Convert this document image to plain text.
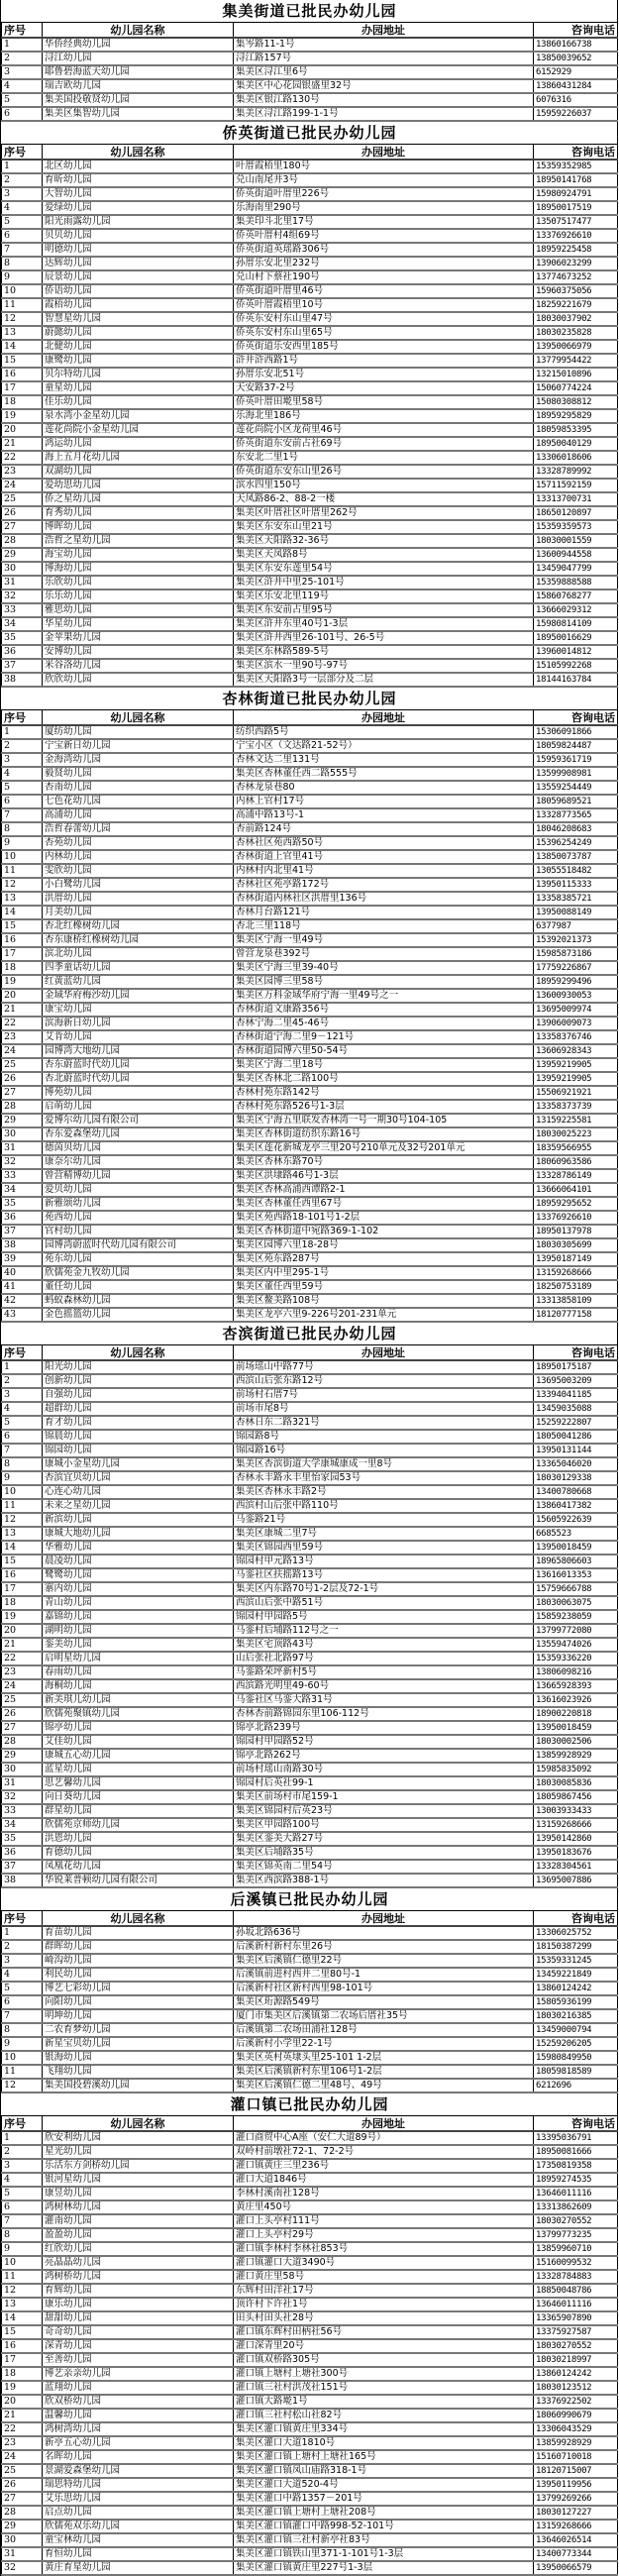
集美街道已批民办幼儿园			
序号	幼儿园名称	办园地址	咨询电话
1	华侨经典幼儿园	集岑路11-1号	13860166738
2	浔江幼儿园	浔江路157号	13850039652
3	耶鲁碧海蓝天幼儿园	集美区浔江里6号	6152929
4	瑞吉欧幼儿园	集美区中心花园银盛里32号	13860431284
5	集美国投敬贤幼儿园	集美区银江路130号	6076316
6	集美区集智幼儿园	集美区浔江路199-1-1号	15959226037
侨英街道已批民办幼儿园			
序号	幼儿园名称	办园地址	咨询电话
1	北区幼儿园	叶厝霞梧里180号	15359352985
2	育昕幼儿园	兑山南尾井3号	18950141768
3	大智幼儿园	侨英街道叶厝里226号	15980924791
4	爱绿幼儿园	乐海南里290号	18950017519
5	阳光雨露幼儿园	集美印斗北里17号	13507517477
6	贝贝幼儿园	侨英叶厝村4组69号	13376926610
7	明德幼儿园	侨英街道英瑶路306号	18959225458
8	达辉幼儿园	孙厝乐安北里232号	13906023299
9	辰景幼儿园	兑山村下蔡社190号	13774673252
10	侨语幼儿园	侨英街道叶厝里46号	15960375056
11	霞梧幼儿园	侨英叶厝霞梧里10号	18259221679
12	智慧星幼儿园	侨英东安村东山里47号	18030037902
13	蔚懿幼儿园	侨英东安村东山里65号	18030235828
14	北健幼儿园	侨英街道乐安西里185号	13950066979
15	康鹭幼儿园	浒井浒西路1号	13779954422
16	贝尔特幼儿园	孙厝乐安北51号	13215010896
17	童星幼儿园	天安路37-2号	15060774224
18	佳乐幼儿园	侨英叶厝田墘里58号	15080308812
19	泉水湾小金星幼儿园	乐海北里186号	18959295829
20	莲花尚院小金星幼儿园	莲花尚院小区龙荷里46号	18059853395
21	鸿运幼儿园	侨英街道东安前占社69号	18950040129
22	海上五月花幼儿园	东安北二里1号	13306018606
23	双湖幼儿园	侨英街道东安东山里26号	13328789992
24	爱幼思幼儿园	滨水四里150号	15711592159
25	侨之星幼儿园	天凤路86-2、88-2一楼	13313700731
26	育秀幼儿园	集美区叶厝社区叶厝里262号	18650120897
27	博晖幼儿园	集美区东安东山里21号	15359359573
28	浩哲之星幼儿园	集美区天阳路32-36号	18030001559
29	海宝幼儿园	集美区天凤路8号	13600944558
30	博海幼儿园	集美区东安东莲里54号	13459047799
31	乐欣幼儿园	集美区浒井中里25-101号	15359888588
32	乐乐幼儿园	集美区乐安北里119号	15860768277
33	雅思幼儿园	集美区东安前占里95号	13666029312
34	华星幼儿园	集美区浒井东里40号1-3层	15980814109
35	金苹果幼儿园	集美区浒井西里26-101号、26-5号	18950016629
36	安博幼儿园	集美区东林路589-5号	13960014812
37	米谷洛幼儿园	集美区滨水一里90号-97号	15105992268
38	欣欣幼儿园	集美区天阳路3号一层部分及二层	18144163784
杏林街道已批民办幼儿园			
序号	幼儿园名称	办园地址	咨询电话
1	厦纺幼儿园	纺织西路5号	15306091866
2	宁宝新日幼儿园	宁宝小区（文达路21-52号）	18059824487
3	金海湾幼儿园	杏林文达二里131号	15959361719
4	毅贤幼儿园	集美区杏林董任西二路555号	13599908981
5	杏南幼儿园	杏林龙泉巷80	13559254449
6	七色花幼儿园	内林上官村17号	18059689521
7	高浦幼儿园	高浦中路13号-1	13328773565
8	浩哲春蕾幼儿园	杏前路124号	18046208683
9	杏苑幼儿园	杏林社区苑西路50号	15396254249
10	内林幼儿园	杏林街道上官里41号	13850073787
11	雯欣幼儿园	内林村内北里41号	13055518482
12	小白鹭幼儿园	杏林社区苑亭路172号	13950115333
13	洪厝幼儿园	杏林街道内林社区洪厝里136号	13358385721
14	月美幼儿园	杏林月台路121号	13950088149
15	杏北红橡树幼儿园	杏北三里118号	6377987
16	杏东康桥红橡树幼儿园	集美区宁海一里49号	15392021373
17	滨北幼儿园	曾营龙泉巷392号	15985873186
18	四季童话幼儿园	集美区宁海三里39-40号	17759226867
19	红黄蓝幼儿园	集美区园博三里58号	18959299496
20	金域华府梅沙幼儿园	集美区万科金域华府宁海一里49号之一	13600930053
21	康宝幼儿园	杏林街道文康路356号	13695009974
22	滨海新日幼儿园	杏林宁海二里45-46号	13906009073
23	艾肯幼儿园	杏林街道宁海二里9－121号	13358376746
24	园博湾大地幼儿园	杏林街道园博六里50-54号	13606928343
25	杏东蔚蓝时代幼儿园	集美区宁海二里18号	13959219905
26	杏北蔚蓝时代幼儿园	集美区杏林北二路100号	13959219905
27	博苑幼儿园	杏林村苑东路142号	15506921921
28	启萌幼儿园	杏林村苑东路526号1-3层	13358373739
29	爱博尔幼儿园有限公司	集美区宁海五里联发杏林湾一号一期30号104-105	13159225581
30	杏东爱森堡幼儿园	集美区杏林街道纺织东路16号	18030025223
31	德茵贝幼儿园	集美区莲花新城龙亭三里20号210单元及32号201单元	18359566955
32	康奈尔幼儿园	集美区杏林东路70号	18060963586
33	曾营精博幼儿园	集美区洪埭路46号1-3层	13328786149
34	爱贝幼儿园	集美区杏林高浦西谭路2-1	13666064101
35	新雅颂幼儿园	集美区杏林董任西里67号	18959295652
36	苑西幼儿园	集美区苑西路18-101号1-2层	13376926610
37	官村幼儿园	集美区杏林街道中宛路369-1-102	18950137978
38	园博湾蔚蓝时代幼儿园有限公司	集美区园博六里18-28号	18030305699
39	苑东幼儿园	集美区苑东路287号	13950187149
40	欣儒苑金九牧幼儿园	集美区内中里295-1号	13159268666
41	董任幼儿园	集美区董任西里59号	18250753189
42	蚂蚁森林幼儿园	集美区鳌美路108号	13313858109
43	金色摇篮幼儿园	集美区龙亭六里9-226号201-231单元	18120777158
杏滨街道已批民办幼儿园			
序号	幼儿园名称	办园地址	咨询电话
1	阳光幼儿园	前场瑶山中路77号	18950175187
2	创新幼儿园	西滨山后张东路12号	13695003209
3	自强幼儿园	前场村石厝7号	13394041185
4	超群幼儿园	前场市尾8号	13459035088
5	育才幼儿园	杏林日东二路321号	15259222807
6	锦晨幼儿园	锦园路8号	18050041286
7	锦园幼儿园	锦园路16号	13950131144
8	康城小金星幼儿园	集美区杏滨街道大学康城康成一里8号	13365046020
9	杏滨宜贝幼儿园	杏林永丰路永丰里怡家园53号	18030129338
10	心连心幼儿园	集美区杏林永丰路2号	13400780668
11	未来之星幼儿园	西滨村山后张中路110号	13860417382
12	新滨幼儿园	马銮路21号	15605922639
13	康城大地幼儿园	集美区康城二里7号	6685523
14	华雅幼儿园	集美区锦园西里59号	13950018459
15	晨凌幼儿园	锦园村甲元路13号	18965806603
16	鹭鹭幼儿园	马銮社区扶摇路13号	13616013353
17	寨内幼儿园	集美区内东路70号1-2层及72-1号	15759666788
18	青山幼儿园	西滨山后张中路51号	18030063075
19	嘉锦幼儿园	锦园村甲园路5号	15859238059
20	湖明幼儿园	马銮村后埔路112号之一	13799772080
21	銮美幼儿园	集美区宅顶路43号	13559474026
22	启明星幼儿园	山后张社北路97号	15359336220
23	春雨幼儿园	马銮路荣坪新村5号	13806098216
24	海桐幼儿园	西滨路光明里49-60号	13665928393
25	新美琪儿幼儿园	马銮社区马銮大路31号	13616023926
26	欣儒苑聚镇幼儿园	杏林杏前路锦园东里106-112号	18900220818
27	锦亭幼儿园	锦亭北路239号	13950018459
28	艾佳幼儿园	锦园村甲园路52号	18030002506
29	康城五心幼儿园	锦亭北路262号	13859928929
30	蓝星幼儿园	前场村瑶山南路30号	15985835092
31	思艺馨幼儿园	锦园村后英社99-1	18030085836
32	向日葵幼儿园	集美区前场村市尾159-1	18059867456
33	群星幼儿园	集美区锦园村后英23号	13003933433
34	欣儒苑京师幼儿园	集美区甲园路100号	13159268666
35	洪恩幼儿园	集美区銮美大路27号	13950142860
36	育德幼儿园	集美区后埔路35号	13950183676
37	凤凰花幼儿园	集美区锦英南二里54号	13328304561
38	华锐莱普顿幼儿园有限公司	集美区西滨路388-1号	13695007886
后溪镇已批民办幼儿园			
序号	幼儿园名称	办园地址	咨询电话
1	育苗幼儿园	孙坂北路636号	13306025752
2	群晖幼儿园	后溪新村新村东里26号	18150387299
3	崎沟幼儿园	集美区后溪镇仁德里22号	15359331245
4	利民幼儿园	后溪镇前进村西井二里80号-1	13459221849
5	博艺七彩幼儿园	后溪新村社区新村西里98-101号	13860124242
6	向阳幼儿园	集美区珩源路549号	15805936199
7	明坤幼儿园	厦门市集美区后溪镇第二农场后厝社35号	18030216385
8	二农育梦幼儿园	后溪镇第二农场田浦社128号	13459000794
9	新星宝贝幼儿园	后溪新村小学里22-1号	15259206205
10	银海幼儿园	集美区英村英埭头里25-101 1-2层	15980849950
11	飞翔幼儿园	集美区后溪镇新村东里106号1-2层	18059818589
12	集美国投碧溪幼儿园	集美区后溪镇仁德二里48号、49号	6212696
灌口镇已批民办幼儿园			
序号	幼儿园名称	办园地址	咨询电话
1	欣安利幼儿园	灌口商贸中心A座（安仁大道89号）	13395036791
2	星光幼儿园	双岭村前墩社72-1、72-2号	18950081666
3	乐活东方剑桥幼儿园	灌口镇黄庄三里236号	17350819358
4	银河星幼儿园	灌口大道1846号	18959274535
5	康昱幼儿园	李林村溪南社128号	13646011116
6	鸿树林幼儿园	黄庄里450号	13313862609
7	灌南幼儿园	灌口上头亭村111号	18030270552
8	盈盈幼儿园	灌口上头亭村29号	13799773235
9	红欣幼儿园	灌口镇李林村李林社853号	13859960710
10	亮晶晶幼儿园	灌口镇灌口大道3490号	15160099532
11	鸿树桥幼儿园	灌口黄庄里58号	13328784883
12	育辉幼儿园	东辉村田洋社17号	18850048786
13	康乐幼儿园	顶许村下许社1号	13646011116
14	甜甜幼儿园	田头村田头社28号	13365907890
15	奇奇幼儿园	灌口镇东辉村田柄社56号	13375927587
16	深青幼儿园	灌口深青里20号	18030270552
17	至善幼儿园	灌口镇双桥路305号	18030218997
18	博艺亲亲幼儿园	灌口镇上塘村上塘社300号	13860124242
19	蓝翔幼儿园	灌口镇三社村洪茂社151号	18030123512
20	欣双桥幼儿园	灌口镇大路墘1号	13376922502
21	温馨幼儿园	灌口镇三社村松山社82号	18060990679
22	鸿树湾幼儿园	集美区灌口镇黄庄里334号	13306043529
23	新亭五心幼儿园	集美区灌口大道1810号	13859928929
24	名晖幼儿园	集美区灌口镇上塘村上塘社165号	15160710018
25	景湖爱森堡幼儿园	集美区灌口镇凤山庙路318-1号	18120715007
26	瑞思特幼儿园	集美区灌口大道520-4号	13950119956
27	艾乐思幼儿园	集美区灌口中路1357－201号	13799269266
28	启点幼儿园	集美区灌口镇上塘村上塘社208号	18030127227
29	欣儒苑双乐幼儿园	集美区灌口镇灌口中路998-52-101号	13159268666
30	童宝林幼儿园	集美区灌口镇三社村新亭社83号	13646026514
31	育恒幼儿园	集美区灌口镇铁山里371-1-101号1-3层	13400773344
32	黄庄育星幼儿园	集美区灌口镇黄庄里227号1-3层	13950066579
